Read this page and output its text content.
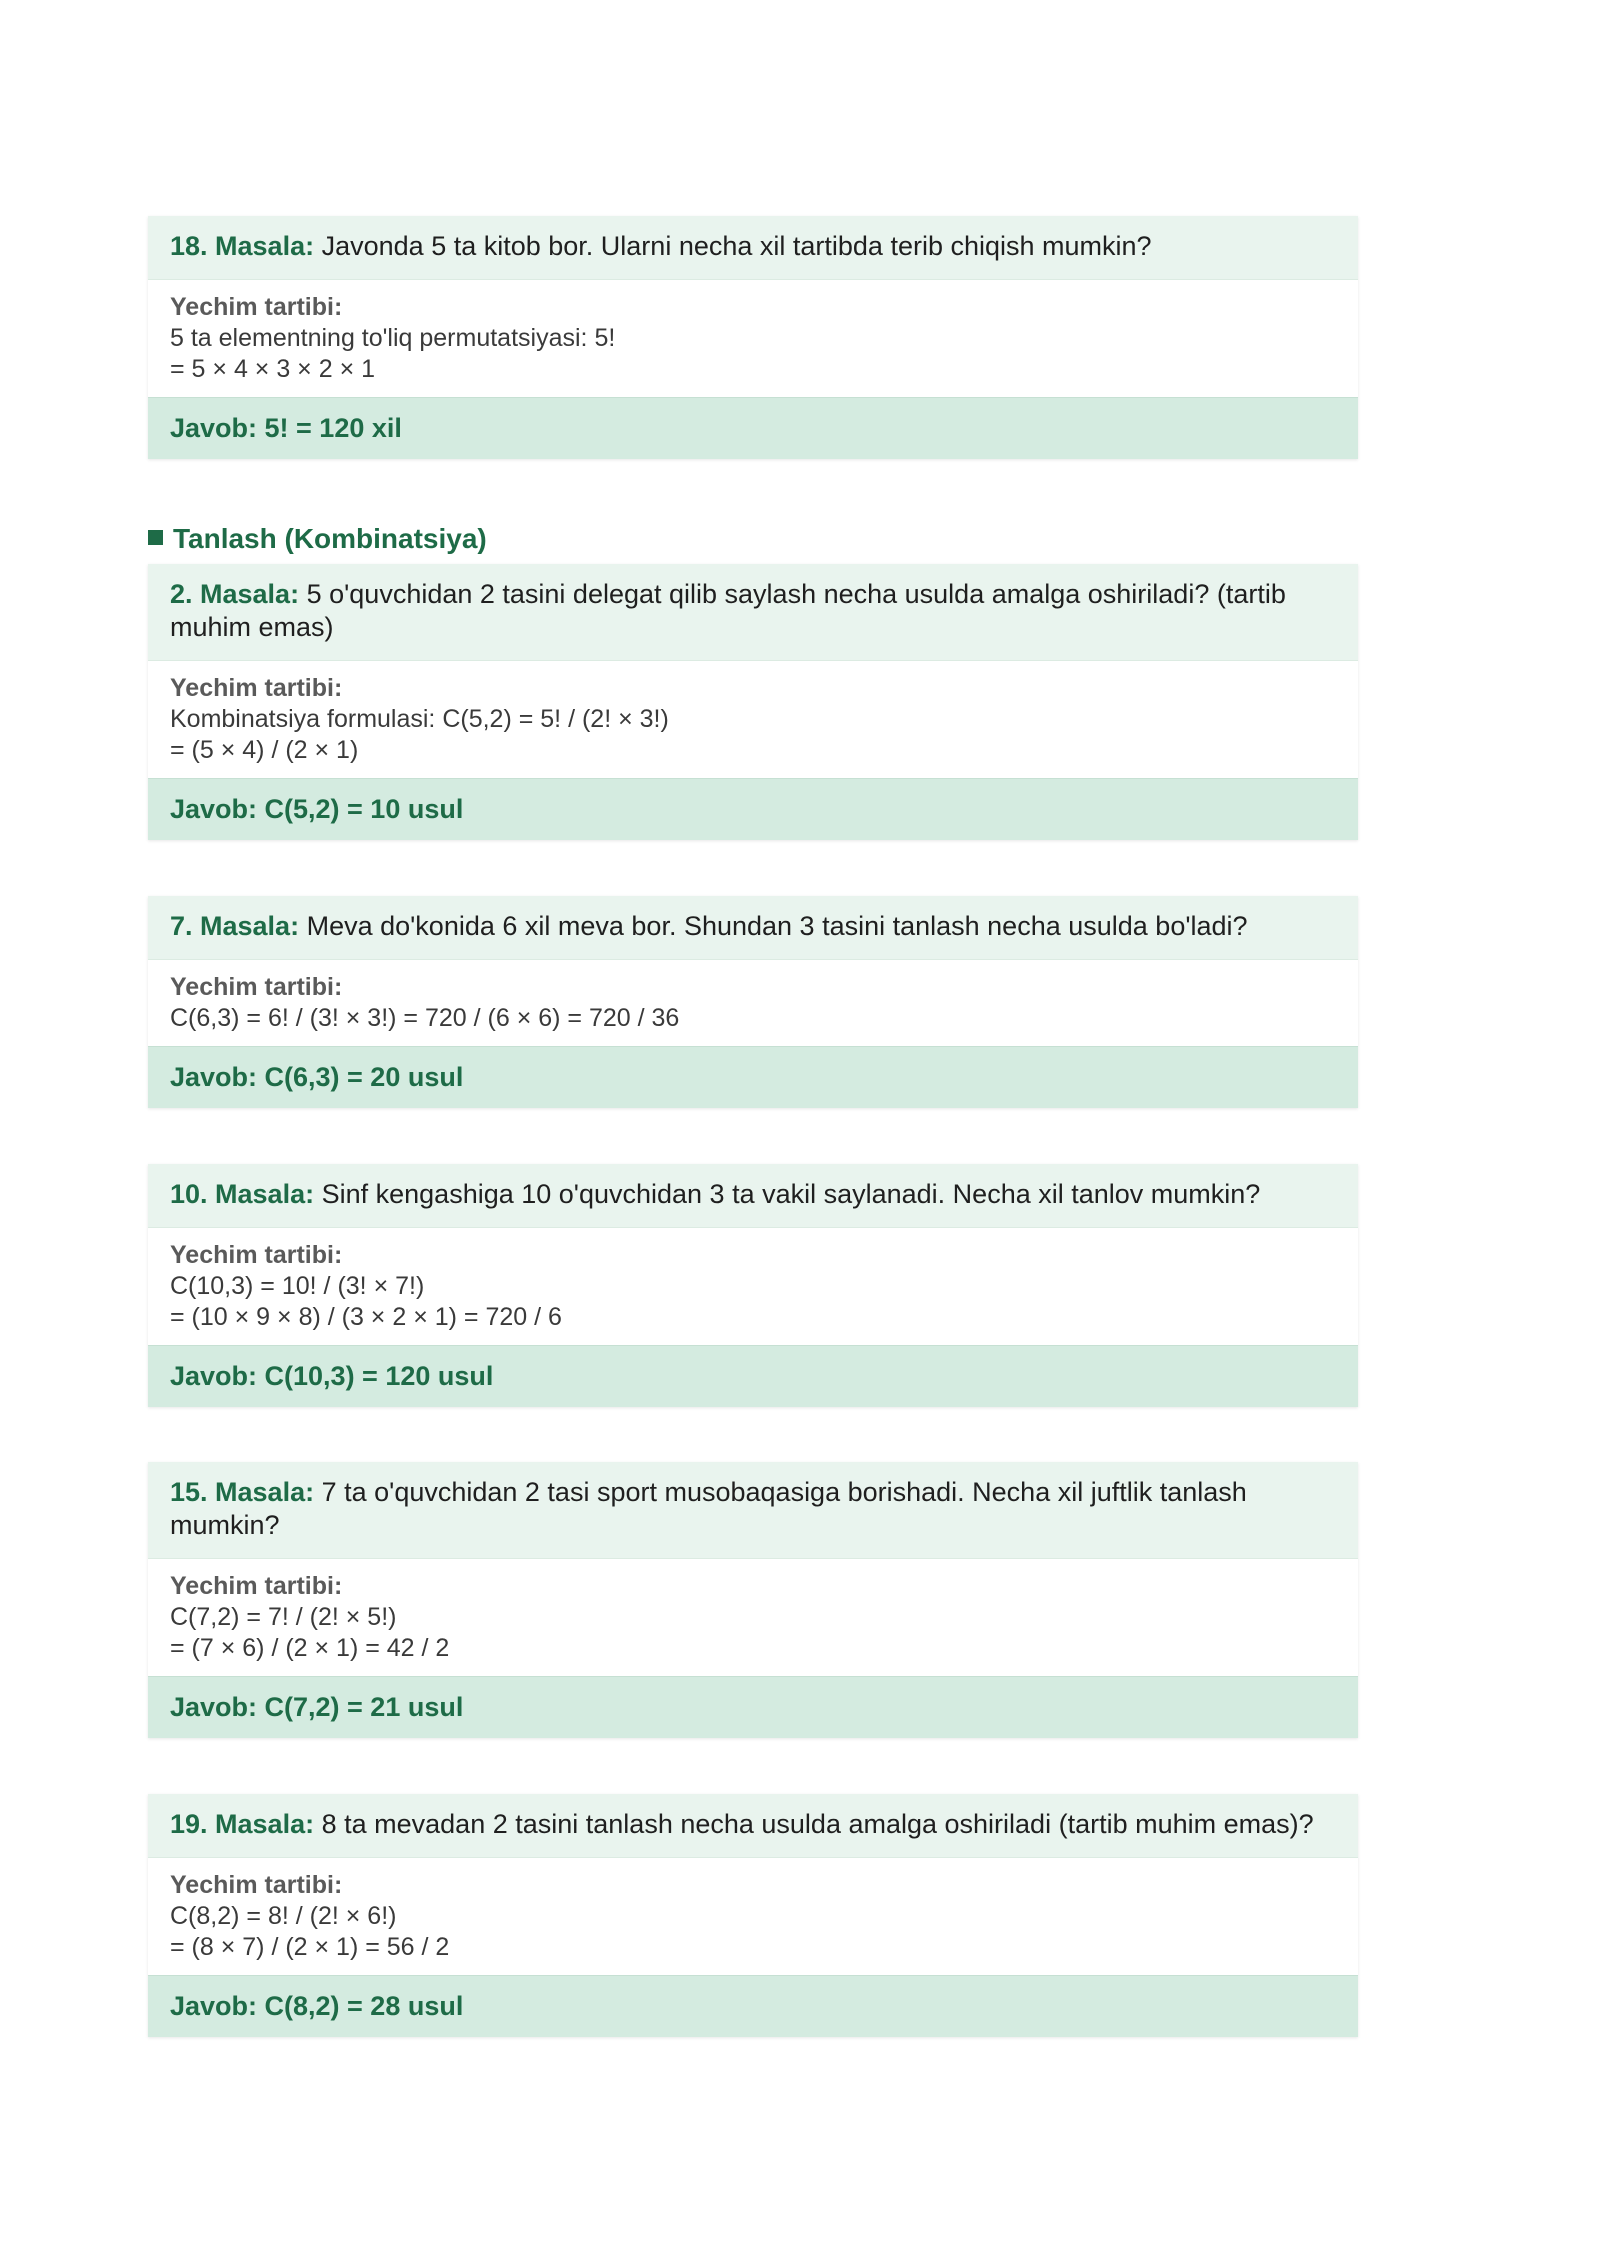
18. Masala: Javonda 5 ta kitob bor. Ularni necha xil tartibda terib chiqish mumkin?
Yechim tartibi:
5 ta elementning to'liq permutatsiyasi: 5!
= 5 × 4 × 3 × 2 × 1
Javob: 5! = 120 xil
Tanlash (Kombinatsiya)
2. Masala: 5 o'quvchidan 2 tasini delegat qilib saylash necha usulda amalga oshiriladi? (tartib muhim emas)
Yechim tartibi:
Kombinatsiya formulasi: C(5,2) = 5! / (2! × 3!)
= (5 × 4) / (2 × 1)
Javob: C(5,2) = 10 usul
7. Masala: Meva do'konida 6 xil meva bor. Shundan 3 tasini tanlash necha usulda bo'ladi?
Yechim tartibi:
C(6,3) = 6! / (3! × 3!) = 720 / (6 × 6) = 720 / 36
Javob: C(6,3) = 20 usul
10. Masala: Sinf kengashiga 10 o'quvchidan 3 ta vakil saylanadi. Necha xil tanlov mumkin?
Yechim tartibi:
C(10,3) = 10! / (3! × 7!)
= (10 × 9 × 8) / (3 × 2 × 1) = 720 / 6
Javob: C(10,3) = 120 usul
15. Masala: 7 ta o'quvchidan 2 tasi sport musobaqasiga borishadi. Necha xil juftlik tanlash mumkin?
Yechim tartibi:
C(7,2) = 7! / (2! × 5!)
= (7 × 6) / (2 × 1) = 42 / 2
Javob: C(7,2) = 21 usul
19. Masala: 8 ta mevadan 2 tasini tanlash necha usulda amalga oshiriladi (tartib muhim emas)?
Yechim tartibi:
C(8,2) = 8! / (2! × 6!)
= (8 × 7) / (2 × 1) = 56 / 2
Javob: C(8,2) = 28 usul
